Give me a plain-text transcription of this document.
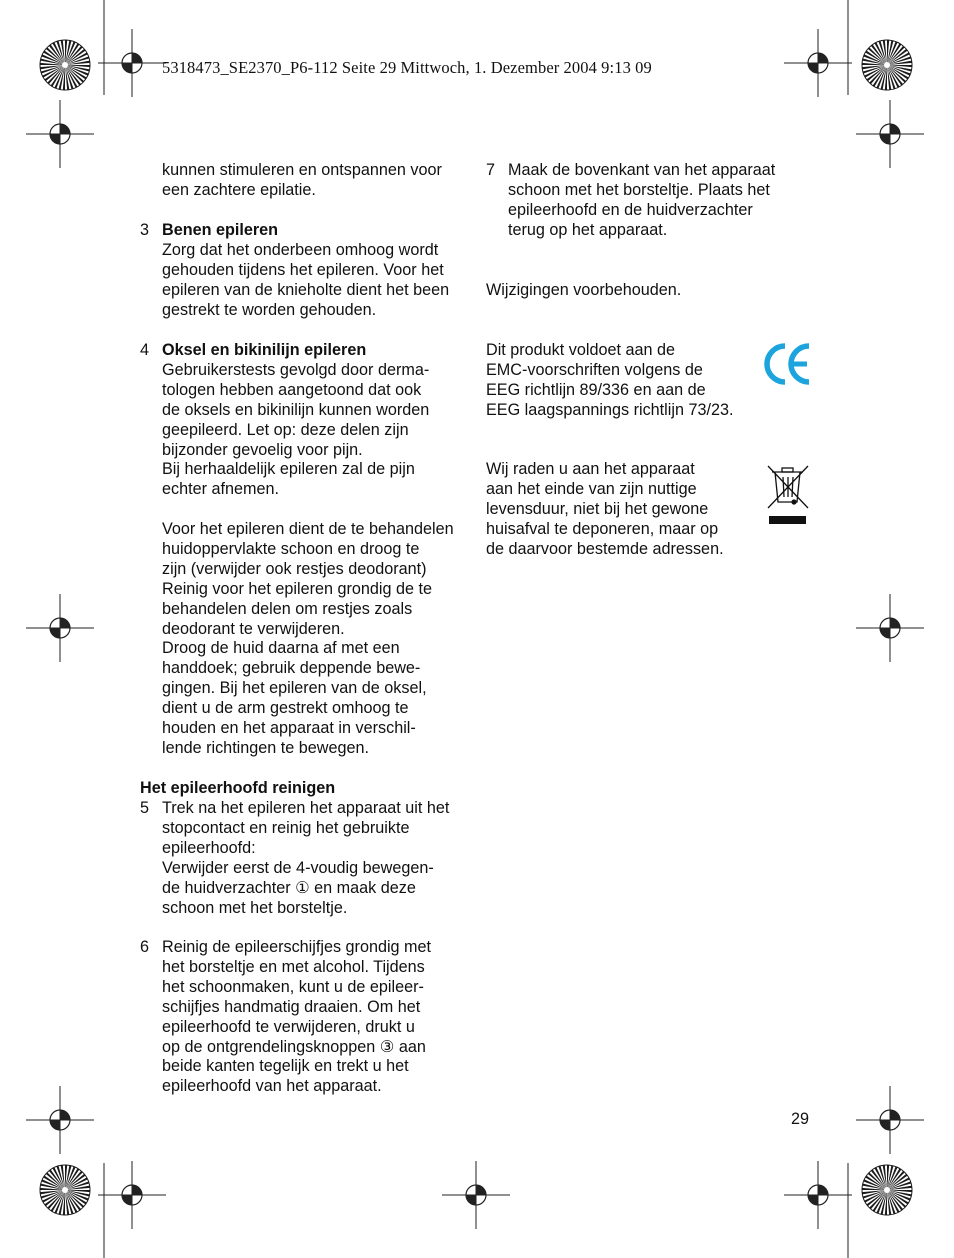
5318473_SE2370_P6-112 Seite 29 Mittwoch, 1. Dezember 2004 9:13 09
kunnen stimuleren en ontspannen voor
een zachtere epilatie.
3 Benen epileren
Zorg dat het onderbeen omhoog wordt
gehouden tijdens het epileren. Voor het
epileren van de knieholte dient het been
gestrekt te worden gehouden.
4 Oksel en bikinilijn epileren
Gebruikerstests gevolgd door derma-
tologen hebben aangetoond dat ook
de oksels en bikinilijn kunnen worden
geepileerd. Let op: deze delen zijn
bijzonder gevoelig voor pijn.
Bij herhaaldelijk epileren zal de pijn
echter afnemen.
Voor het epileren dient de te behandelen
huidoppervlakte schoon en droog te
zijn (verwijder ook restjes deodorant)
Reinig voor het epileren grondig de te
behandelen delen om restjes zoals
deodorant te verwijderen.
Droog de huid daarna af met een
handdoek; gebruik deppende bewe-
gingen. Bij het epileren van de oksel,
dient u de arm gestrekt omhoog te
houden en het apparaat in verschil-
lende richtingen te bewegen.
Het epileerhoofd reinigen
5 Trek na het epileren het apparaat uit het
stopcontact en reinig het gebruikte
epileerhoofd:
Verwijder eerst de 4-voudig bewegen-
de huidverzachter ① en maak deze
schoon met het borsteltje.
6 Reinig de epileerschijfjes grondig met
het borsteltje en met alcohol. Tijdens
het schoonmaken, kunt u de epileer-
schijfjes handmatig draaien. Om het
epileerhoofd te verwijderen, drukt u
op de ontgrendelingsknoppen ③ aan
beide kanten tegelijk en trekt u het
epileerhoofd van het apparaat.
7 Maak de bovenkant van het apparaat
schoon met het borsteltje. Plaats het
epileerhoofd en de huidverzachter
terug op het apparaat.
Wijzigingen voorbehouden.
Dit produkt voldoet aan de
EMC-voorschriften volgens de
EEG richtlijn 89/336 en aan de
EEG laagspannings richtlijn 73/23.
Wij raden u aan het apparaat
aan het einde van zijn nuttige
levensduur, niet bij het gewone
huisafval te deponeren, maar op
de daarvoor bestemde adressen.
29
